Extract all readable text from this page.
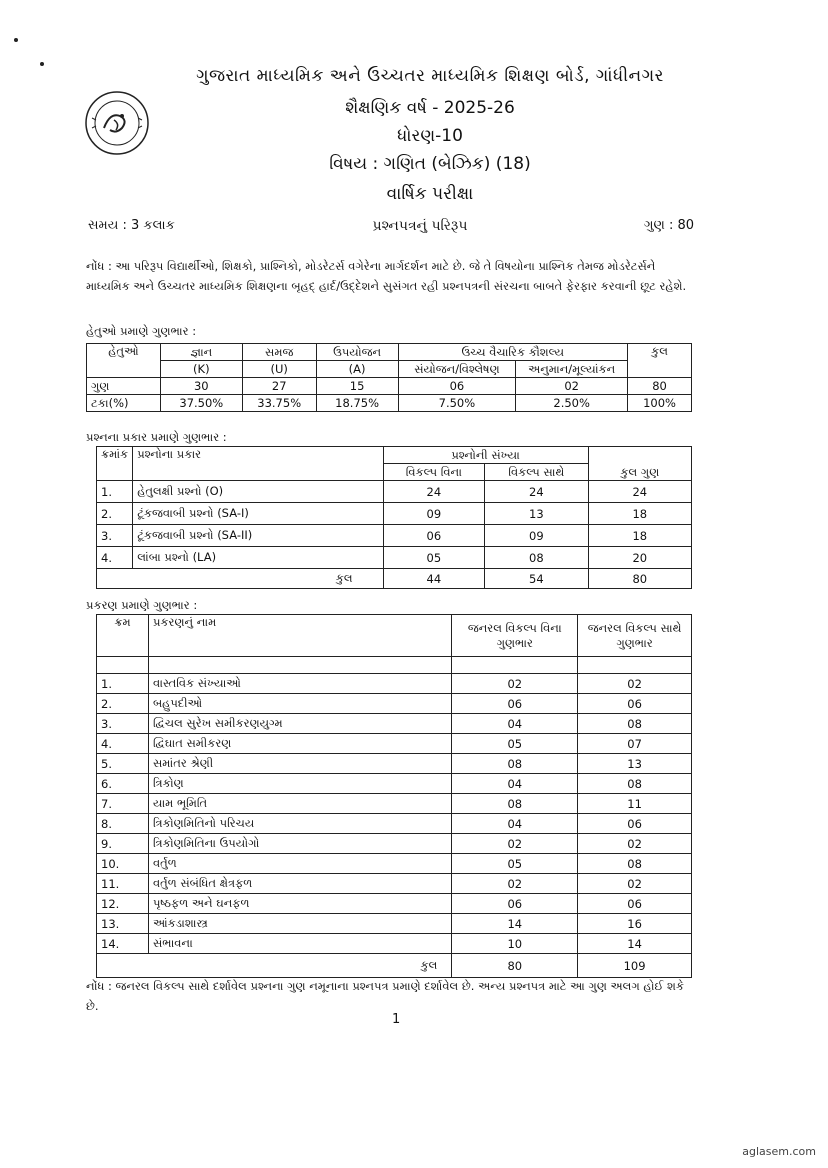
ગુજરાત માધ્યમિક અને ઉચ્ચતર માધ્યમિક શિક્ષણ બોર્ડ, ગાંધીનગર
શૈક્ષણિક વર્ષ - 2025-26
ધોરણ-10
વિષય : ગણિત (બેઝિક) (18)
વાર્ષિક પરીક્ષા
સમય : 3 કલાક	પ્રશ્નપત્રનું પરિરૂપ	ગુણ : 80
નોંધ : આ પરિરૂપ વિદ્યાર્થીઓ, શિક્ષકો, પ્રાશ્નિકો, મોડરેટર્સ વગેરેના માર્ગદર્શન માટે છે. જે તે વિષયોના પ્રાશ્નિક તેમજ મોડરેટર્સને માધ્યમિક અને ઉચ્ચતર માધ્યમિક શિક્ષણના બૃહદ્ હાર્દ/ઉદ્દેશને સુસંગત રહી પ્રશ્નપત્રની સંરચના બાબતે ફેરફાર કરવાની છૂટ રહેશે.
હેતુઓ પ્રમાણે ગુણભાર :
હેતુઓ	જ્ઞાન	સમજ	ઉપયોજન	ઉચ્ચ વૈચારિક કૌશલ્ય		કુલ
	(K)	(U)	(A)	સંયોજન/વિશ્લેષણ	અનુમાન/મૂલ્યાંકન	
ગુણ	30	27	15	06	02	80
ટકા(%)	37.50%	33.75%	18.75%	7.50%	2.50%	100%
પ્રશ્નના પ્રકાર પ્રમાણે ગુણભાર :
ક્રમાંક	પ્રશ્નોના પ્રકાર	પ્રશ્નોની સંખ્યા		કુલ ગુણ
		વિકલ્પ વિના	વિકલ્પ સાથે	
1.	હેતુલક્ષી પ્રશ્નો (O)	24	24	24
2.	ટૂંકજવાબી પ્રશ્નો (SA-I)	09	13	18
3.	ટૂંકજવાબી પ્રશ્નો (SA-II)	06	09	18
4.	લાંબા પ્રશ્નો (LA)	05	08	20
કુલ		44	54	80
પ્રકરણ પ્રમાણે ગુણભાર :
ક્રમ	પ્રકરણનું નામ	જનરલ વિકલ્પ વિના ગુણભાર	જનરલ વિકલ્પ સાથે ગુણભાર

1.	વાસ્તવિક સંખ્યાઓ	02	02
2.	બહુપદીઓ	06	06
3.	દ્વિચલ સુરેખ સમીકરણયુગ્મ	04	08
4.	દ્વિઘાત સમીકરણ	05	07
5.	સમાંતર શ્રેણી	08	13
6.	ત્રિકોણ	04	08
7.	યામ ભૂમિતિ	08	11
8.	ત્રિકોણમિતિનો પરિચય	04	06
9.	ત્રિકોણમિતિના ઉપયોગો	02	02
10.	વર્તુળ	05	08
11.	વર્તુળ સંબંધિત ક્ષેત્રફળ	02	02
12.	પૃષ્ઠફળ અને ઘનફળ	06	06
13.	આંકડાશાસ્ત્ર	14	16
14.	સંભાવના	10	14
કુલ		80	109
નોંધ : જનરલ વિકલ્પ સાથે દર્શાવેલ પ્રશ્નના ગુણ નમૂનાના પ્રશ્નપત્ર પ્રમાણે દર્શાવેલ છે. અન્ય પ્રશ્નપત્ર માટે આ ગુણ અલગ હોઈ શકે છે.
1
aglasem.com
